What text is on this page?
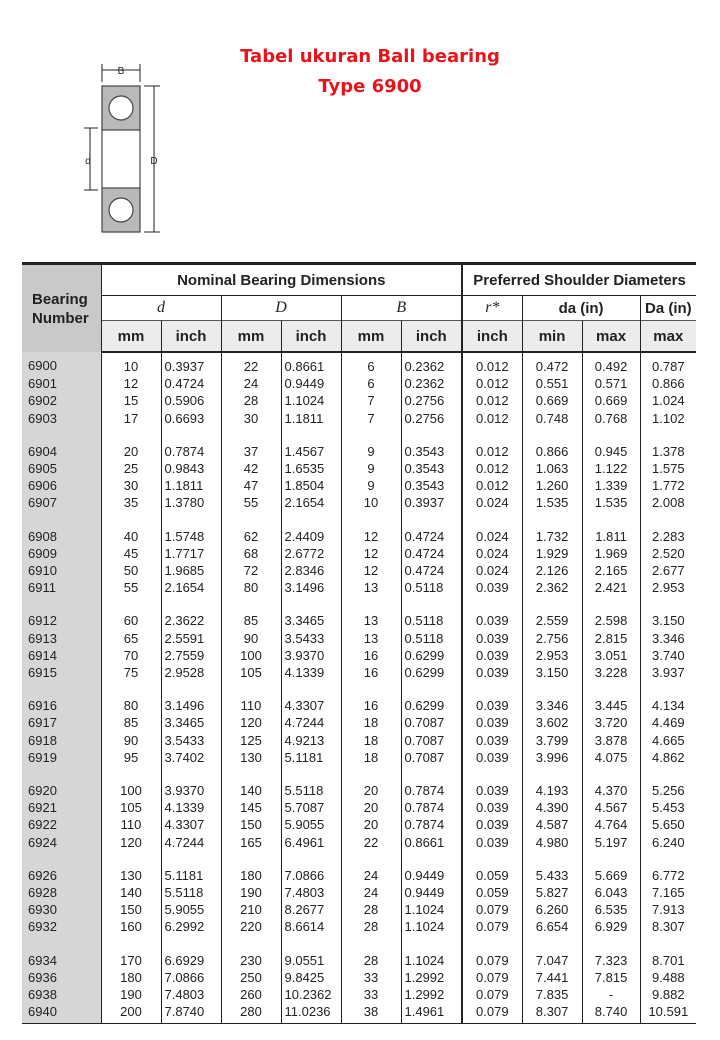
Tabel ukuran Ball bearing
Type 6900
B
d	D
Bearing Number	Nominal Bearing Dimensions						Preferred Shoulder Diameters			
	d		D		B		r*	da (in)		Da (in)
	mm	inch	mm	inch	mm	inch	inch	min	max	max
6900	10	0.3937	22	0.8661	6	0.2362	0.012	0.472	0.492	0.787
6901	12	0.4724	24	0.9449	6	0.2362	0.012	0.551	0.571	0.866
6902	15	0.5906	28	1.1024	7	0.2756	0.012	0.669	0.669	1.024
6903	17	0.6693	30	1.1811	7	0.2756	0.012	0.748	0.768	1.102
6904	20	0.7874	37	1.4567	9	0.3543	0.012	0.866	0.945	1.378
6905	25	0.9843	42	1.6535	9	0.3543	0.012	1.063	1.122	1.575
6906	30	1.1811	47	1.8504	9	0.3543	0.012	1.260	1.339	1.772
6907	35	1.3780	55	2.1654	10	0.3937	0.024	1.535	1.535	2.008
6908	40	1.5748	62	2.4409	12	0.4724	0.024	1.732	1.811	2.283
6909	45	1.7717	68	2.6772	12	0.4724	0.024	1.929	1.969	2.520
6910	50	1.9685	72	2.8346	12	0.4724	0.024	2.126	2.165	2.677
6911	55	2.1654	80	3.1496	13	0.5118	0.039	2.362	2.421	2.953
6912	60	2.3622	85	3.3465	13	0.5118	0.039	2.559	2.598	3.150
6913	65	2.5591	90	3.5433	13	0.5118	0.039	2.756	2.815	3.346
6914	70	2.7559	100	3.9370	16	0.6299	0.039	2.953	3.051	3.740
6915	75	2.9528	105	4.1339	16	0.6299	0.039	3.150	3.228	3.937
6916	80	3.1496	110	4.3307	16	0.6299	0.039	3.346	3.445	4.134
6917	85	3.3465	120	4.7244	18	0.7087	0.039	3.602	3.720	4.469
6918	90	3.5433	125	4.9213	18	0.7087	0.039	3.799	3.878	4.665
6919	95	3.7402	130	5.1181	18	0.7087	0.039	3.996	4.075	4.862
6920	100	3.9370	140	5.5118	20	0.7874	0.039	4.193	4.370	5.256
6921	105	4.1339	145	5.7087	20	0.7874	0.039	4.390	4.567	5.453
6922	110	4.3307	150	5.9055	20	0.7874	0.039	4.587	4.764	5.650
6924	120	4.7244	165	6.4961	22	0.8661	0.039	4.980	5.197	6.240
6926	130	5.1181	180	7.0866	24	0.9449	0.059	5.433	5.669	6.772
6928	140	5.5118	190	7.4803	24	0.9449	0.059	5.827	6.043	7.165
6930	150	5.9055	210	8.2677	28	1.1024	0.079	6.260	6.535	7.913
6932	160	6.2992	220	8.6614	28	1.1024	0.079	6.654	6.929	8.307
6934	170	6.6929	230	9.0551	28	1.1024	0.079	7.047	7.323	8.701
6936	180	7.0866	250	9.8425	33	1.2992	0.079	7.441	7.815	9.488
6938	190	7.4803	260	10.2362	33	1.2992	0.079	7.835	-	9.882
6940	200	7.8740	280	11.0236	38	1.4961	0.079	8.307	8.740	10.591
